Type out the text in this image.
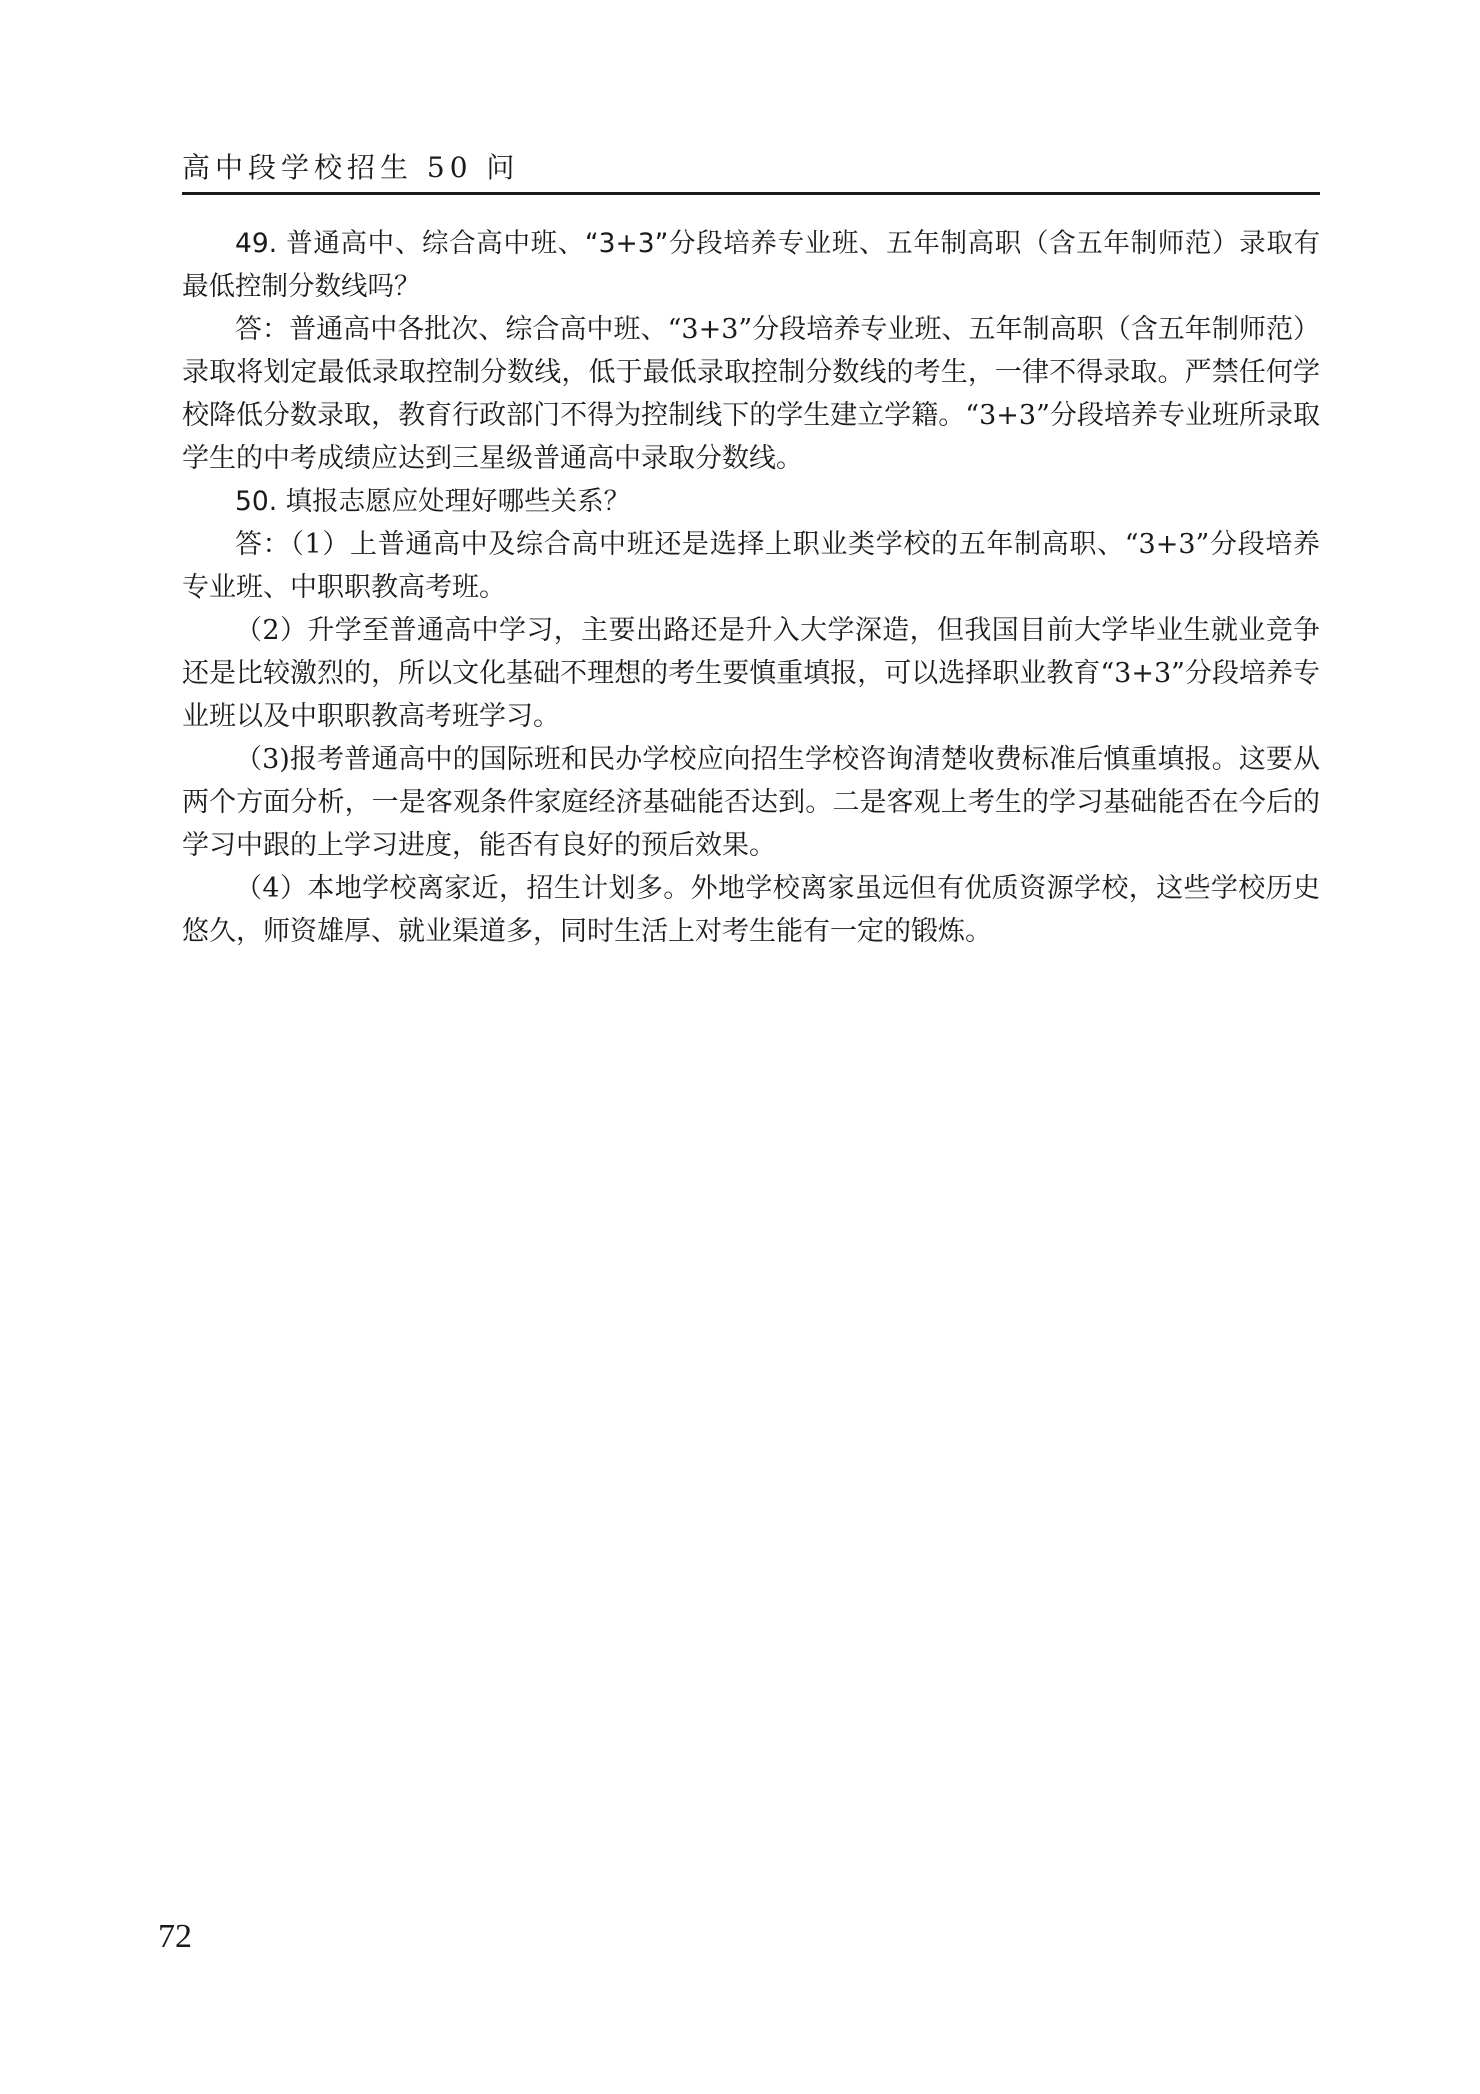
高中段学校招生 50 问

49. 普通高中、综合高中班、“3+3”分段培养专业班、五年制高职（含五年制师范）录取有最低控制分数线吗？

答：普通高中各批次、综合高中班、“3+3”分段培养专业班、五年制高职（含五年制师范）录取将划定最低录取控制分数线，低于最低录取控制分数线的考生，一律不得录取。严禁任何学校降低分数录取，教育行政部门不得为控制线下的学生建立学籍。“3+3”分段培养专业班所录取学生的中考成绩应达到三星级普通高中录取分数线。

50. 填报志愿应处理好哪些关系？

答：（1）上普通高中及综合高中班还是选择上职业类学校的五年制高职、“3+3”分段培养专业班、中职职教高考班。

（2）升学至普通高中学习，主要出路还是升入大学深造，但我国目前大学毕业生就业竞争还是比较激烈的，所以文化基础不理想的考生要慎重填报，可以选择职业教育“3+3”分段培养专业班以及中职职教高考班学习。

（3)报考普通高中的国际班和民办学校应向招生学校咨询清楚收费标准后慎重填报。这要从两个方面分析，一是客观条件家庭经济基础能否达到。二是客观上考生的学习基础能否在今后的学习中跟的上学习进度，能否有良好的预后效果。

（4）本地学校离家近，招生计划多。外地学校离家虽远但有优质资源学校，这些学校历史悠久，师资雄厚、就业渠道多，同时生活上对考生能有一定的锻炼。

72
